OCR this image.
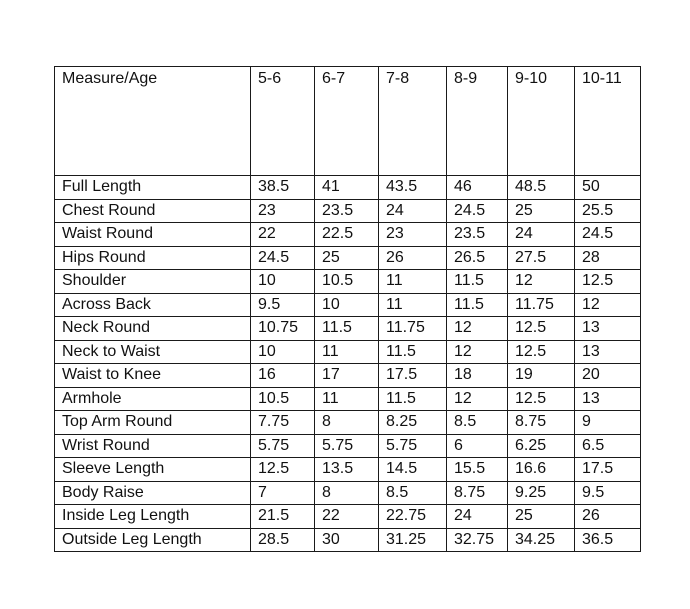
Measure/Age	5-6	6-7	7-8	8-9	9-10	10-11
Full Length	38.5	41	43.5	46	48.5	50
Chest Round	23	23.5	24	24.5	25	25.5
Waist Round	22	22.5	23	23.5	24	24.5
Hips Round	24.5	25	26	26.5	27.5	28
Shoulder	10	10.5	11	11.5	12	12.5
Across Back	9.5	10	11	11.5	11.75	12
Neck Round	10.75	11.5	11.75	12	12.5	13
Neck to Waist	10	11	11.5	12	12.5	13
Waist to Knee	16	17	17.5	18	19	20
Armhole	10.5	11	11.5	12	12.5	13
Top Arm Round	7.75	8	8.25	8.5	8.75	9
Wrist Round	5.75	5.75	5.75	6	6.25	6.5
Sleeve Length	12.5	13.5	14.5	15.5	16.6	17.5
Body Raise	7	8	8.5	8.75	9.25	9.5
Inside Leg Length	21.5	22	22.75	24	25	26
Outside Leg Length	28.5	30	31.25	32.75	34.25	36.5
